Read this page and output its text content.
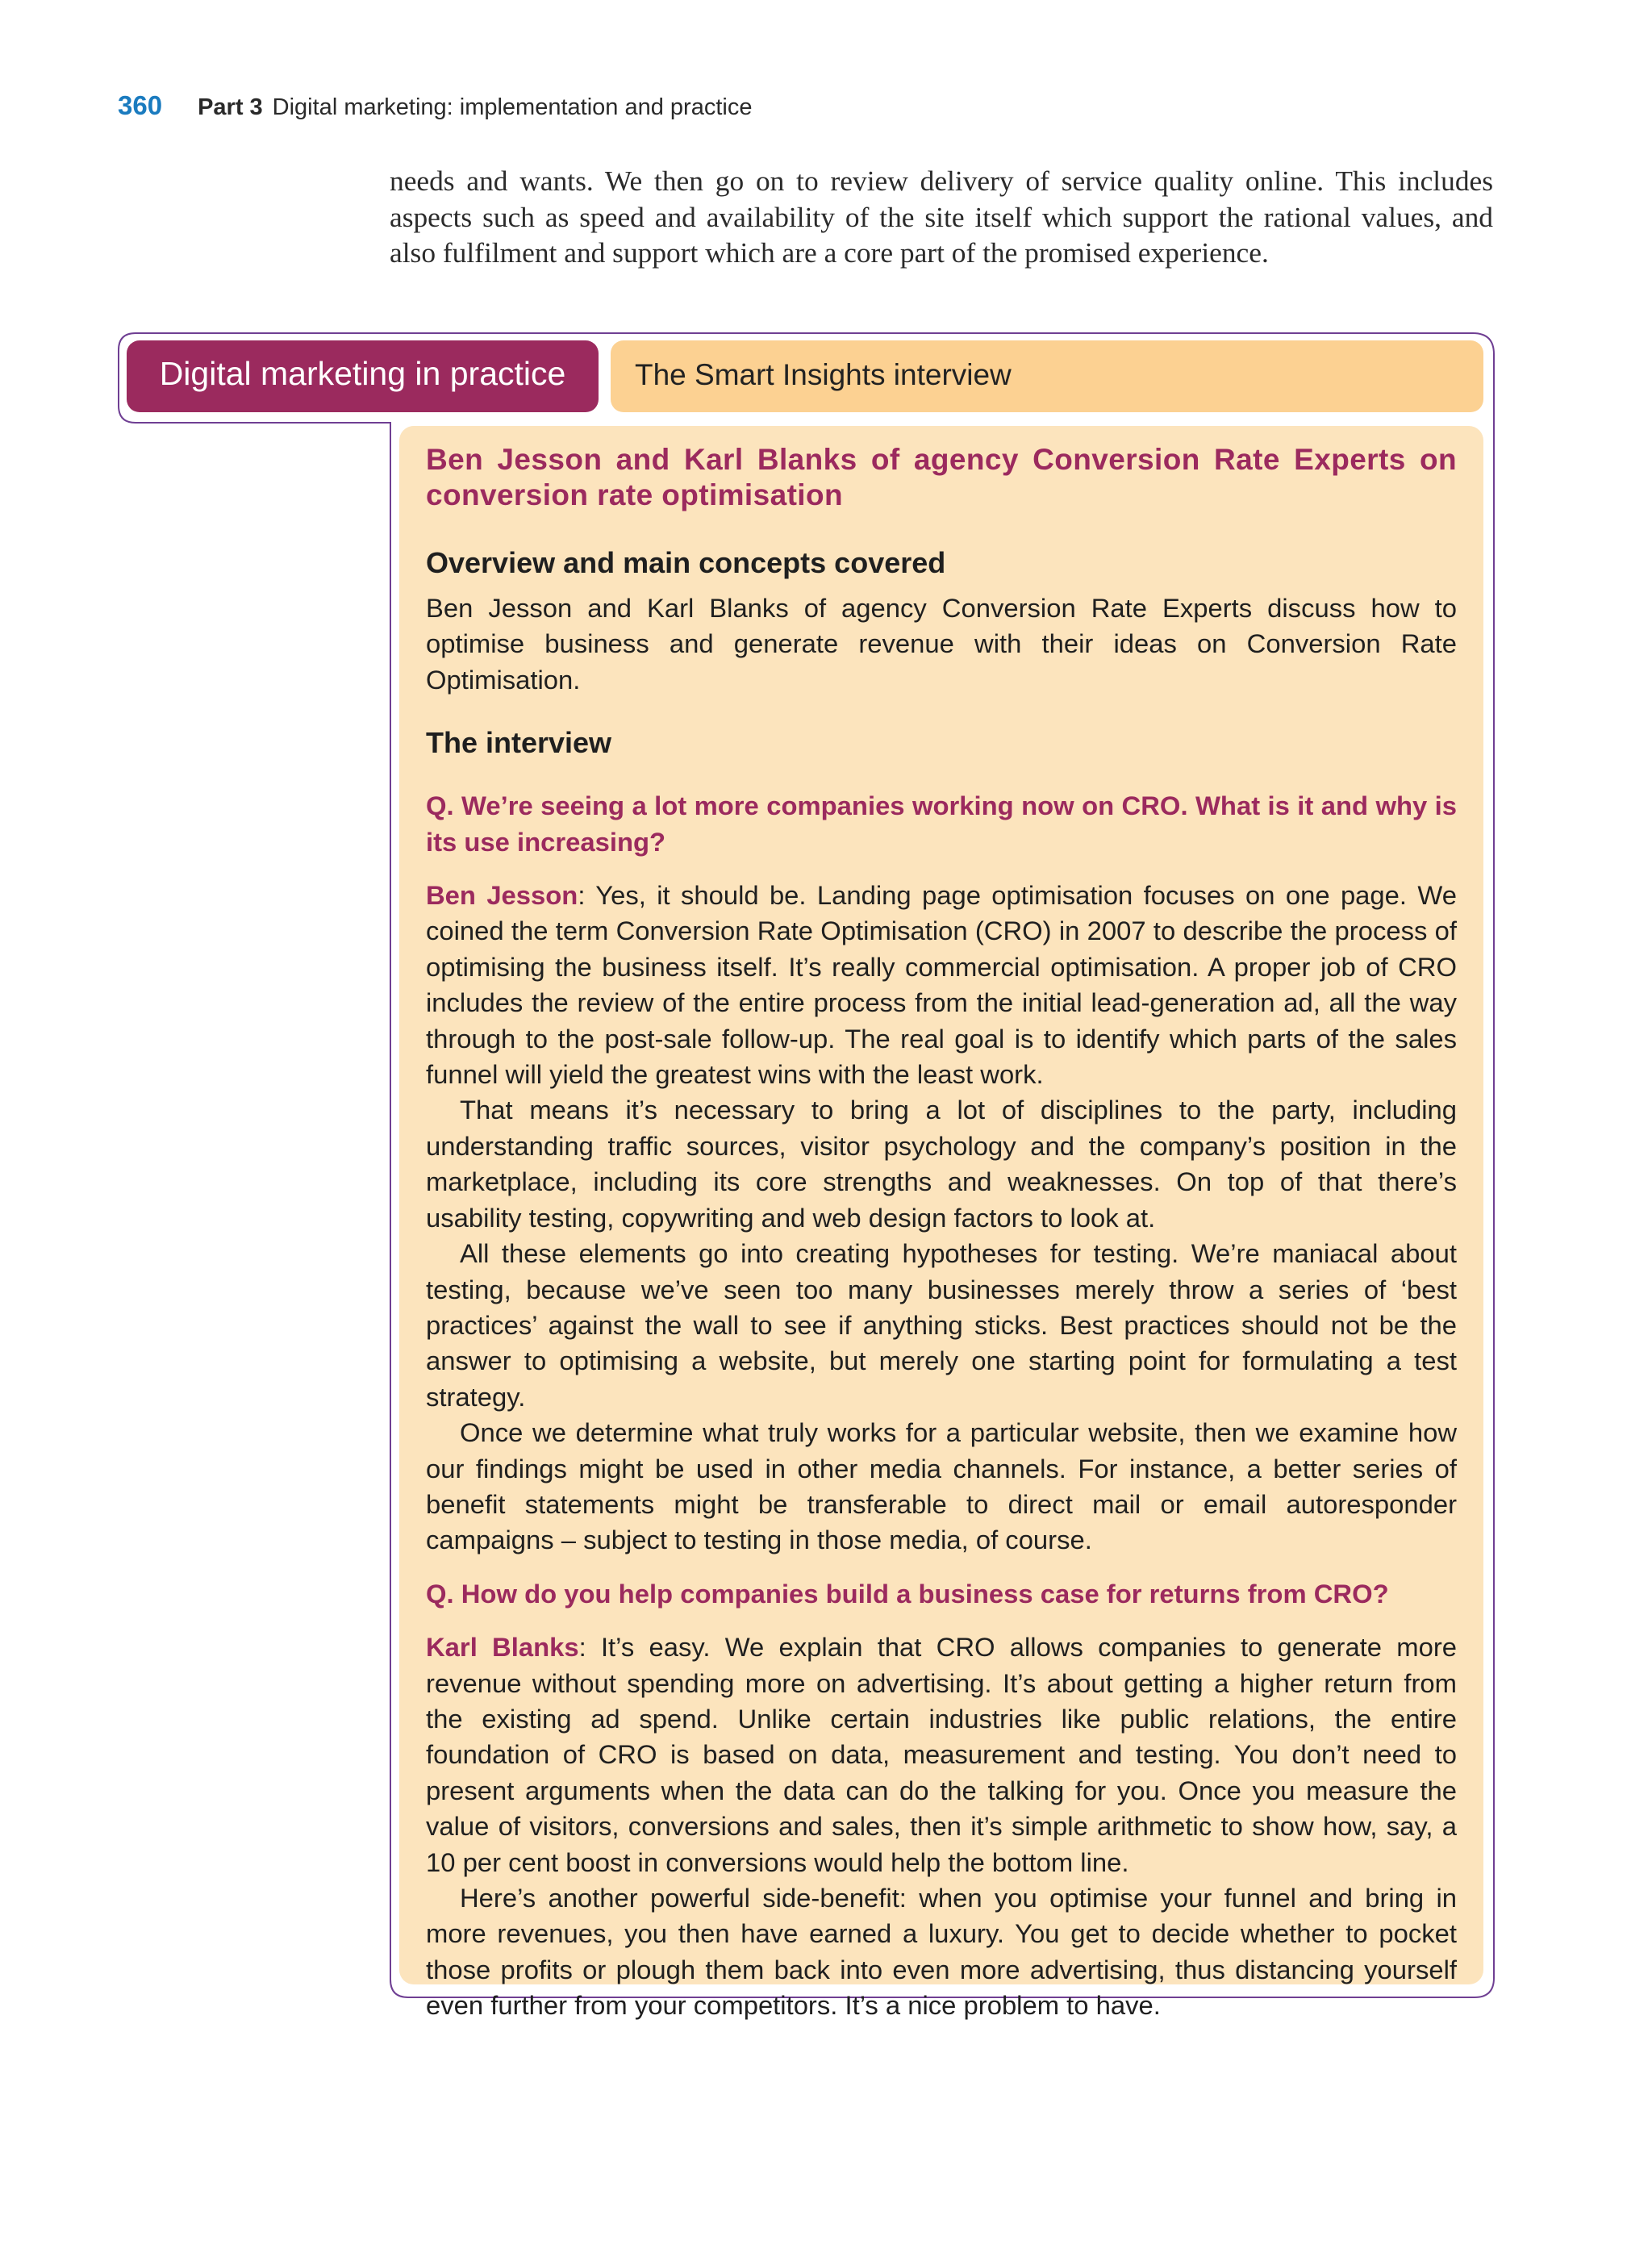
360 Part 3 Digital marketing: implementation and practice

needs and wants. We then go on to review delivery of service quality online. This includes aspects such as speed and availability of the site itself which support the rational values, and also fulfilment and support which are a core part of the promised experience.

Digital marketing in practice	The Smart Insights interview
Ben Jesson and Karl Blanks of agency Conversion Rate Experts on conversion rate optimisation
Overview and main concepts covered

Ben Jesson and Karl Blanks of agency Conversion Rate Experts discuss how to optimise business and generate revenue with their ideas on Conversion Rate Optimisation.

The interview

Q. We’re seeing a lot more companies working now on CRO. What is it and why is its use increasing?

Ben Jesson: Yes, it should be. Landing page optimisation focuses on one page. We coined the term Conversion Rate Optimisation (CRO) in 2007 to describe the process of optimising the business itself. It’s really commercial optimisation. A proper job of CRO includes the review of the entire process from the initial lead-generation ad, all the way through to the post-sale follow-up. The real goal is to identify which parts of the sales funnel will yield the greatest wins with the least work.

That means it’s necessary to bring a lot of disciplines to the party, including understanding traffic sources, visitor psychology and the company’s position in the marketplace, including its core strengths and weaknesses. On top of that there’s usability testing, copywriting and web design factors to look at.

All these elements go into creating hypotheses for testing. We’re maniacal about testing, because we’ve seen too many businesses merely throw a series of ‘best practices’ against the wall to see if anything sticks. Best practices should not be the answer to optimising a website, but merely one starting point for formulating a test strategy.

Once we determine what truly works for a particular website, then we examine how our findings might be used in other media channels. For instance, a better series of benefit statements might be transferable to direct mail or email autoresponder campaigns – subject to testing in those media, of course.

Q. How do you help companies build a business case for returns from CRO?

Karl Blanks: It’s easy. We explain that CRO allows companies to generate more revenue without spending more on advertising. It’s about getting a higher return from the existing ad spend. Unlike certain industries like public relations, the entire foundation of CRO is based on data, measurement and testing. You don’t need to present arguments when the data can do the talking for you. Once you measure the value of visitors, conversions and sales, then it’s simple arithmetic to show how, say, a 10 per cent boost in conversions would help the bottom line.

Here’s another powerful side-benefit: when you optimise your funnel and bring in more revenues, you then have earned a luxury. You get to decide whether to pocket those profits or plough them back into even more advertising, thus distancing yourself even further from your competitors. It’s a nice problem to have.
